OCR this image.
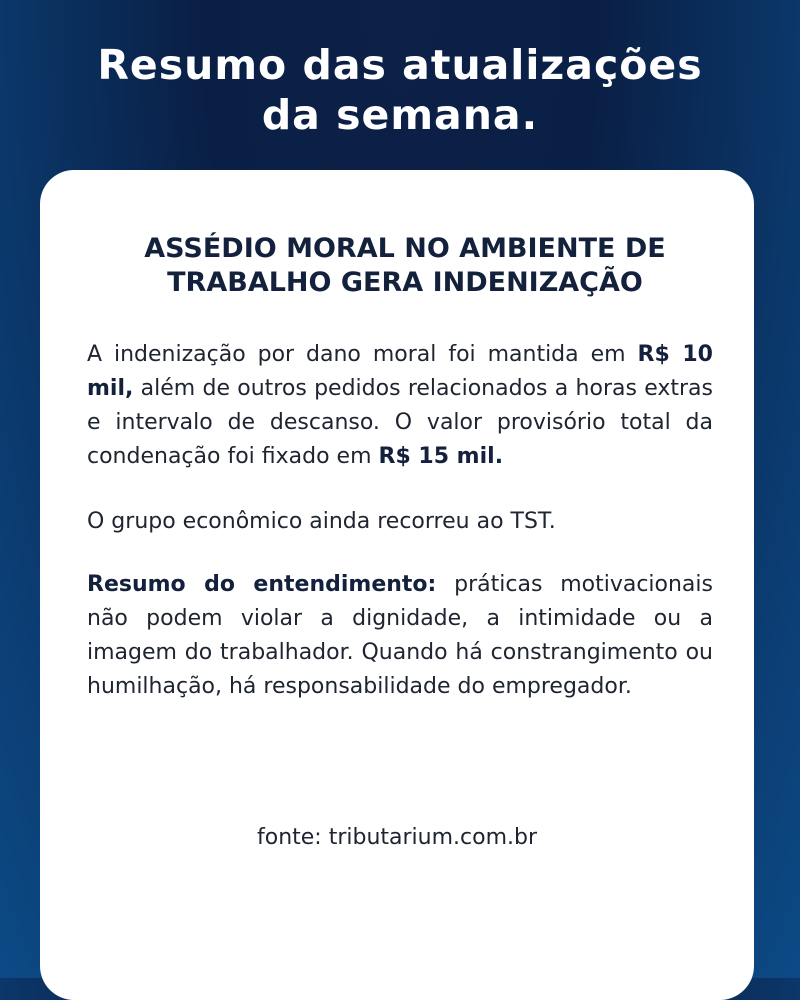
Resumo das atualizações
da semana.
ASSÉDIO MORAL NO AMBIENTE DE
TRABALHO GERA INDENIZAÇÃO
A indenização por dano moral foi mantida em R$ 10 mil, além de outros pedidos relacionados a horas extras e intervalo de descanso. O valor provisório total da condenação foi fixado em R$ 15 mil.
O grupo econômico ainda recorreu ao TST.
Resumo do entendimento: práticas motivacionais não podem violar a dignidade, a intimidade ou a imagem do trabalhador. Quando há constrangimento ou humilhação, há responsabilidade do empregador.
fonte: tributarium.com.br
